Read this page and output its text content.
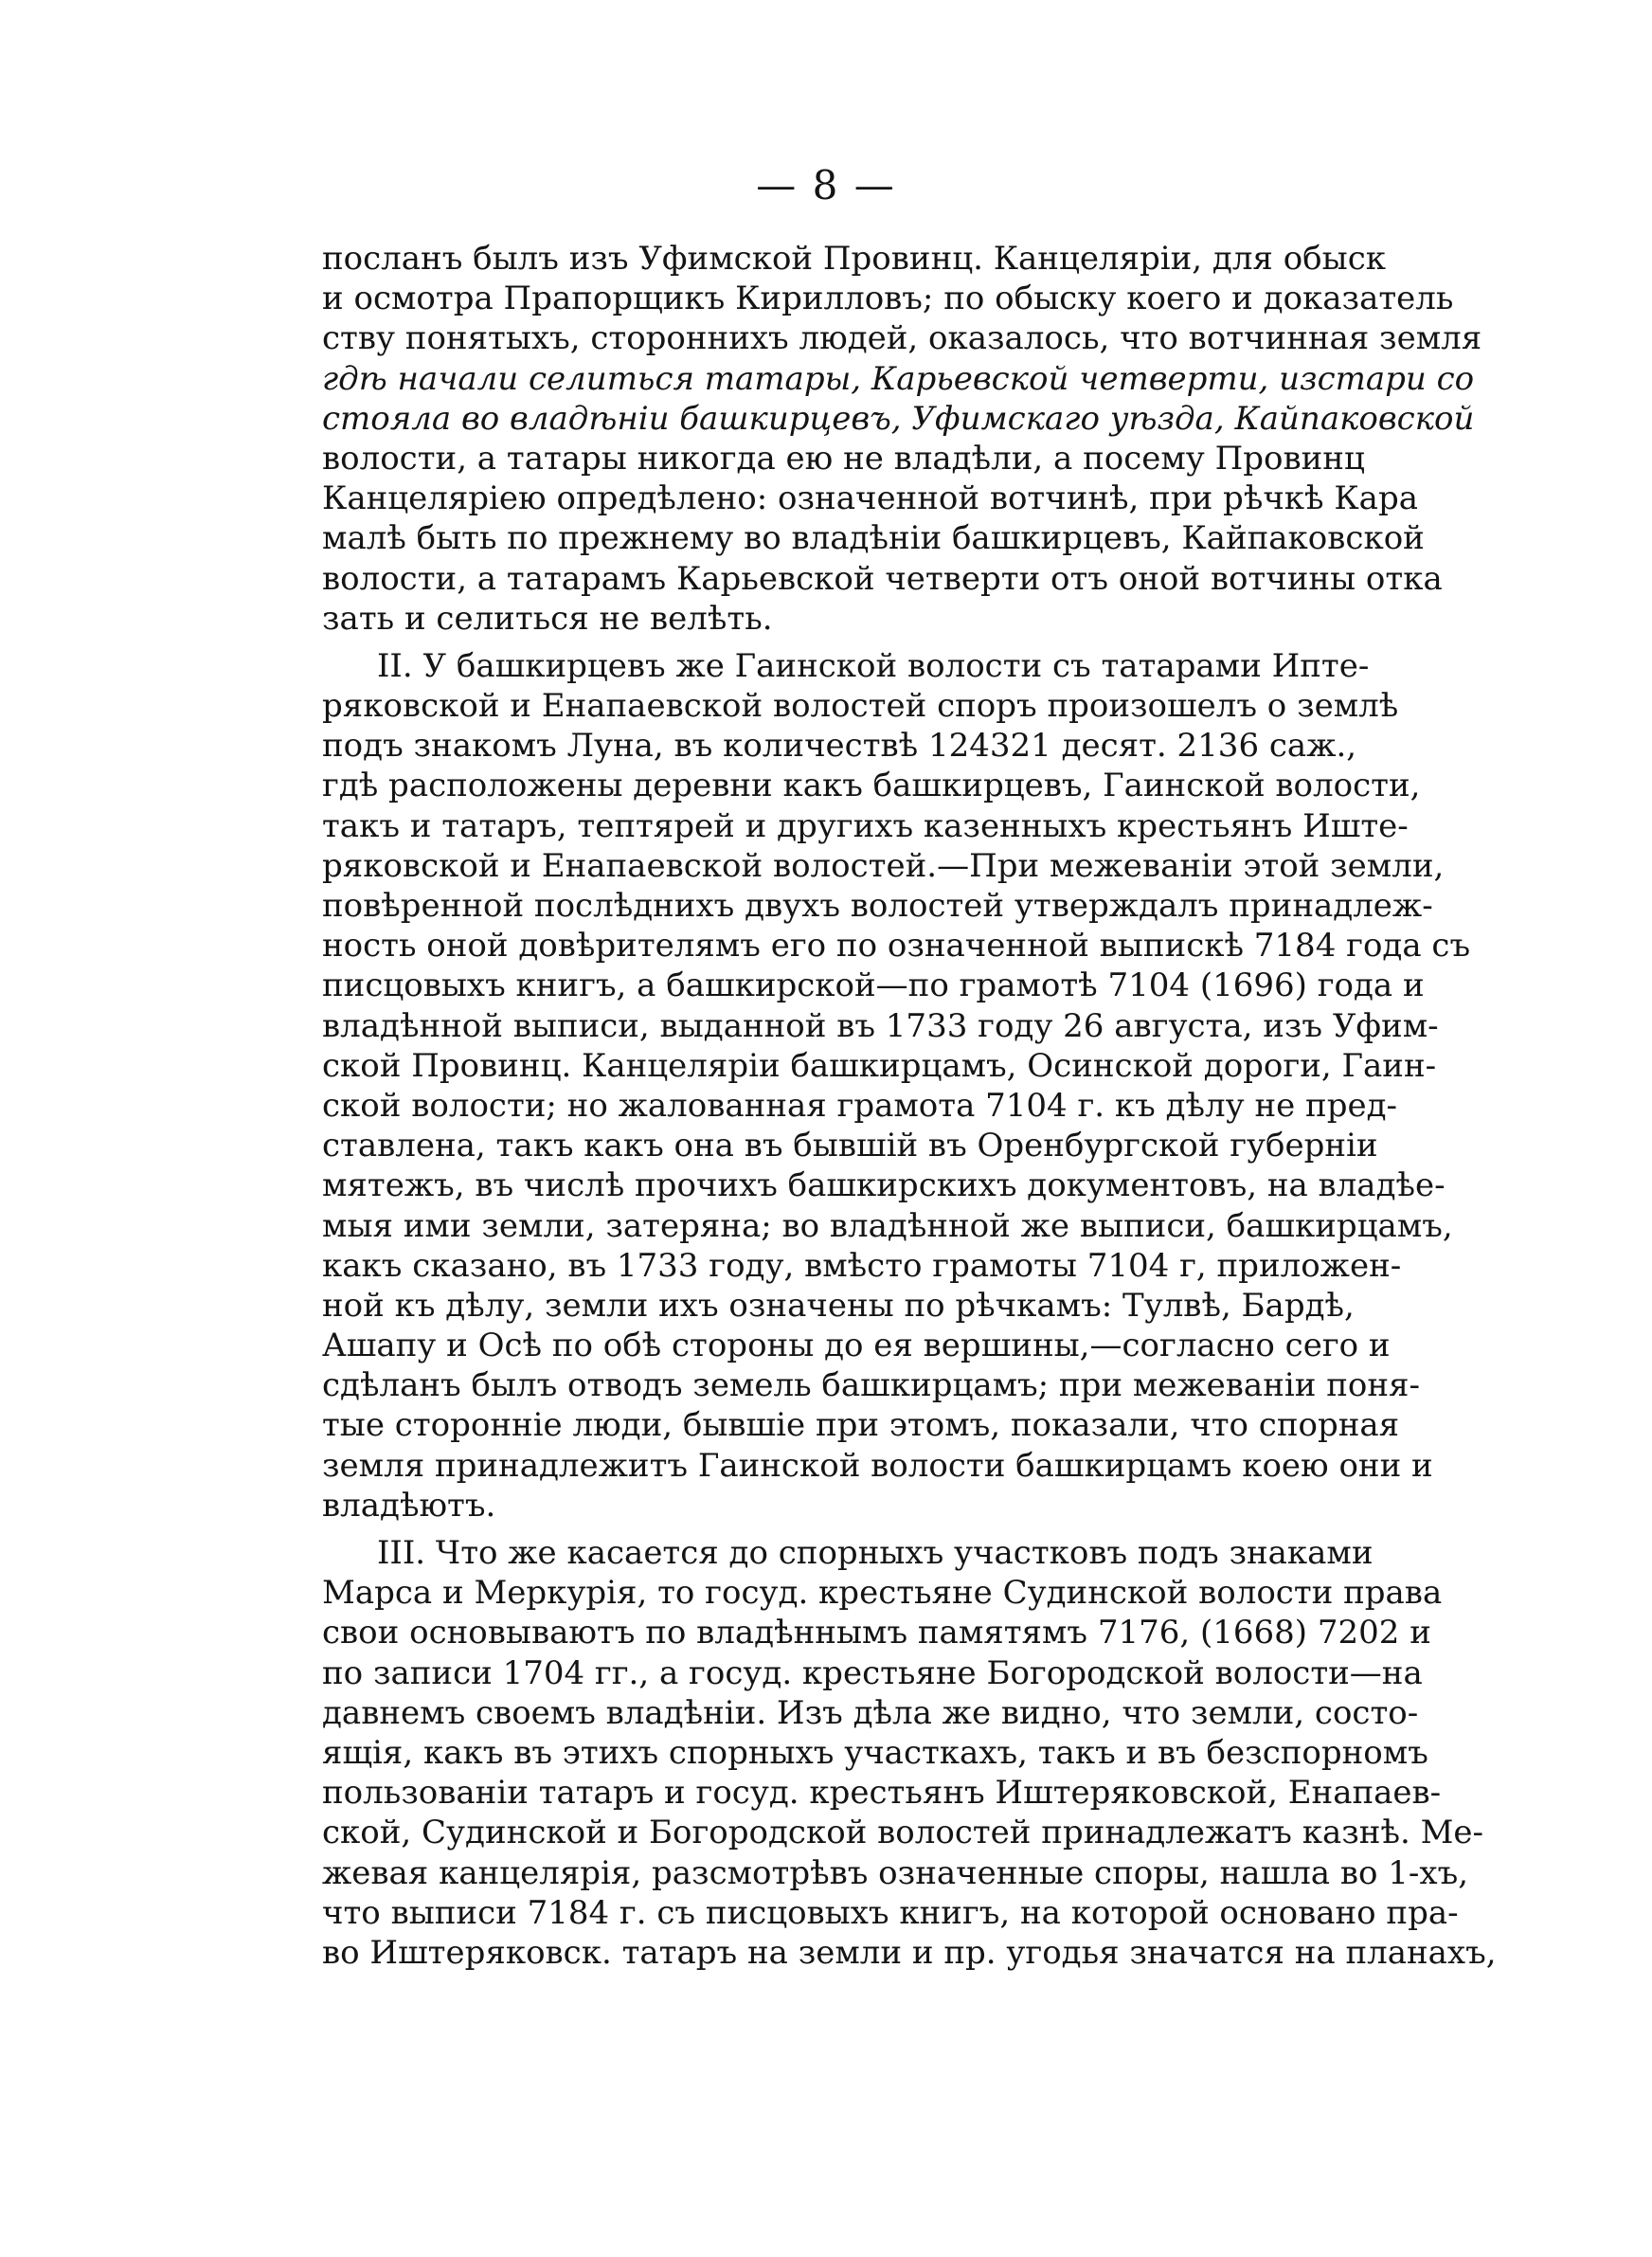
— 8 —
посланъ былъ изъ Уфимской Провинц. Канцеляріи, для обыск
и осмотра Прапорщикъ Кирилловъ; по обыску коего и доказатель
ству понятыхъ, стороннихъ людей, оказалось, что вотчинная земля
гдѣ начали селиться татары, Карьевской четверти, изстари со
стояла во владѣніи башкирцевъ, Уфимскаго уѣзда, Кайпаковской
волости, а татары никогда ею не владѣли, а посему Провинц
Канцеляріею опредѣлено: означенной вотчинѣ, при рѣчкѣ Кара
малѣ быть по прежнему во владѣніи башкирцевъ, Кайпаковской
волости, а татарамъ Карьевской четверти отъ оной вотчины отка
зать и селиться не велѣть.
II. У башкирцевъ же Гаинской волости съ татарами Ипте-
ряковской и Енапаевской волостей споръ произошелъ о землѣ
подъ знакомъ Луна, въ количествѣ 124321 десят. 2136 саж.,
гдѣ расположены деревни какъ башкирцевъ, Гаинской волости,
такъ и татаръ, тептярей и другихъ казенныхъ крестьянъ Иште-
ряковской и Енапаевской волостей.—При межеваніи этой земли,
повѣренной послѣднихъ двухъ волостей утверждалъ принадлеж-
ность оной довѣрителямъ его по означенной выпискѣ 7184 года съ
писцовыхъ книгъ, а башкирской—по грамотѣ 7104 (1696) года и
владѣнной выписи, выданной въ 1733 году 26 августа, изъ Уфим-
ской Провинц. Канцеляріи башкирцамъ, Осинской дороги, Гаин-
ской волости; но жалованная грамота 7104 г. къ дѣлу не пред-
ставлена, такъ какъ она въ бывшій въ Оренбургской губерніи
мятежъ, въ числѣ прочихъ башкирскихъ документовъ, на владѣе-
мыя ими земли, затеряна; во владѣнной же выписи, башкирцамъ,
какъ сказано, въ 1733 году, вмѣсто грамоты 7104 г, приложен-
ной къ дѣлу, земли ихъ означены по рѣчкамъ: Тулвѣ, Бардѣ,
Ашапу и Осѣ по обѣ стороны до ея вершины,—согласно сего и
сдѣланъ былъ отводъ земель башкирцамъ; при межеваніи поня-
тые сторонніе люди, бывшіе при этомъ, показали, что спорная
земля принадлежитъ Гаинской волости башкирцамъ коею они и
владѣютъ.
III. Что же касается до спорныхъ участковъ подъ знаками
Марса и Меркурія, то госуд. крестьяне Судинской волости права
свои основываютъ по владѣннымъ памятямъ 7176, (1668) 7202 и
по записи 1704 гг., а госуд. крестьяне Богородской волости—на
давнемъ своемъ владѣніи. Изъ дѣла же видно, что земли, состо-
ящія, какъ въ этихъ спорныхъ участкахъ, такъ и въ безспорномъ
пользованіи татаръ и госуд. крестьянъ Иштеряковской, Енапаев-
ской, Судинской и Богородской волостей принадлежатъ казнѣ. Ме-
жевая канцелярія, разсмотрѣвъ означенные споры, нашла во 1-хъ,
что выписи 7184 г. съ писцовыхъ книгъ, на которой основано пра-
во Иштеряковск. татаръ на земли и пр. угодья значатся на планахъ,
